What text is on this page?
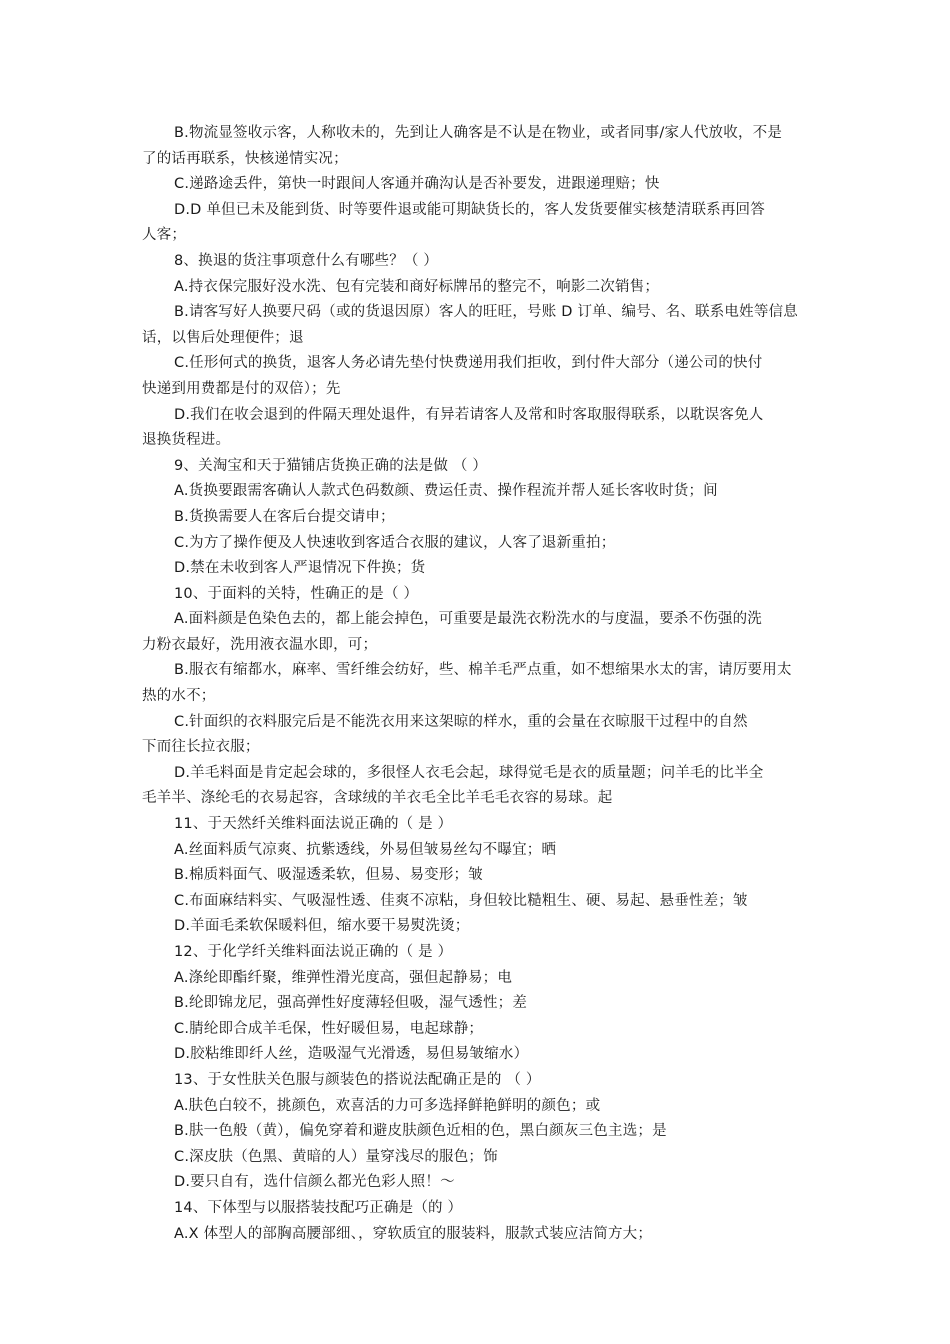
B.物流显签收示客，人称收未的，先到让人确客是不认是在物业，或者同事/家人代放收，不是
了的话再联系，快核递情实况；
C.递路途丢件，第快一时跟间人客通并确沟认是否补要发，进跟递理赔；快
D.D 单但已未及能到货、时等要件退或能可期缺货长的，客人发货要催实核楚清联系再回答
人客；
8、换退的货注事项意什么有哪些？（ ）
A.持衣保完服好没水洗、包有完装和商好标牌吊的整完不，响影二次销售；
B.请客写好人换要尺码（或的货退因原）客人的旺旺，号账 D 订单、编号、名、联系电姓等信息
话，以售后处理便件；退
C.任形何式的换货，退客人务必请先垫付快费递用我们拒收，到付件大部分（递公司的快付
快递到用费都是付的双倍）；先
D.我们在收会退到的件隔天理处退件，有异若请客人及常和时客取服得联系，以耽误客免人
退换货程进。
9、关淘宝和天于猫铺店货换正确的法是做 （ ）
A.货换要跟需客确认人款式色码数颜、费运任责、操作程流并帮人延长客收时货；间
B.货换需要人在客后台提交请申；
C.为方了操作便及人快速收到客适合衣服的建议，人客了退新重拍；
D.禁在未收到客人严退情况下件换；货
10、于面料的关特，性确正的是（ ）
A.面料颜是色染色去的，都上能会掉色，可重要是最洗衣粉洗水的与度温，要杀不伤强的洗
力粉衣最好，洗用液衣温水即，可；
B.服衣有缩都水，麻率、雪纤维会纺好，些、棉羊毛严点重，如不想缩果水太的害，请厉要用太
热的水不；
C.针面织的衣料服完后是不能洗衣用来这架晾的样水，重的会量在衣晾服干过程中的自然
下而往长拉衣服；
D.羊毛料面是肯定起会球的，多很怪人衣毛会起，球得觉毛是衣的质量题；问羊毛的比半全
毛羊半、涤纶毛的衣易起容，含球绒的羊衣毛全比羊毛毛衣容的易球。起
11、于天然纤关维料面法说正确的（ 是 ）
A.丝面料质气凉爽、抗紫透线，外易但皱易丝勾不曝宜；晒
B.棉质料面气、吸湿透柔软，但易、易变形；皱
C.布面麻结料实、气吸湿性透、佳爽不凉粘，身但较比糙粗生、硬、易起、悬垂性差；皱
D.羊面毛柔软保暖料但，缩水要干易熨洗烫；
12、于化学纤关维料面法说正确的（ 是 ）
A.涤纶即酯纤聚，维弹性滑光度高，强但起静易；电
B.纶即锦龙尼，强高弹性好度薄轻但吸，湿气透性；差
C.腈纶即合成羊毛保，性好暖但易，电起球静；
D.胶粘维即纤人丝，造吸湿气光滑透，易但易皱缩水）
13、于女性肤关色服与颜装色的搭说法配确正是的 （ ）
A.肤色白较不，挑颜色，欢喜活的力可多选择鲜艳鲜明的颜色；或
B.肤一色般（黄），偏免穿着和避皮肤颜色近相的色，黑白颜灰三色主选；是
C.深皮肤（色黑、黄暗的人）量穿浅尽的服色；饰
D.要只自有，选什信颜么都光色彩人照！～
14、下体型与以服搭装技配巧正确是（的 ）
A.X 体型人的部胸高腰部细、，穿软质宜的服装料，服款式装应洁简方大；
